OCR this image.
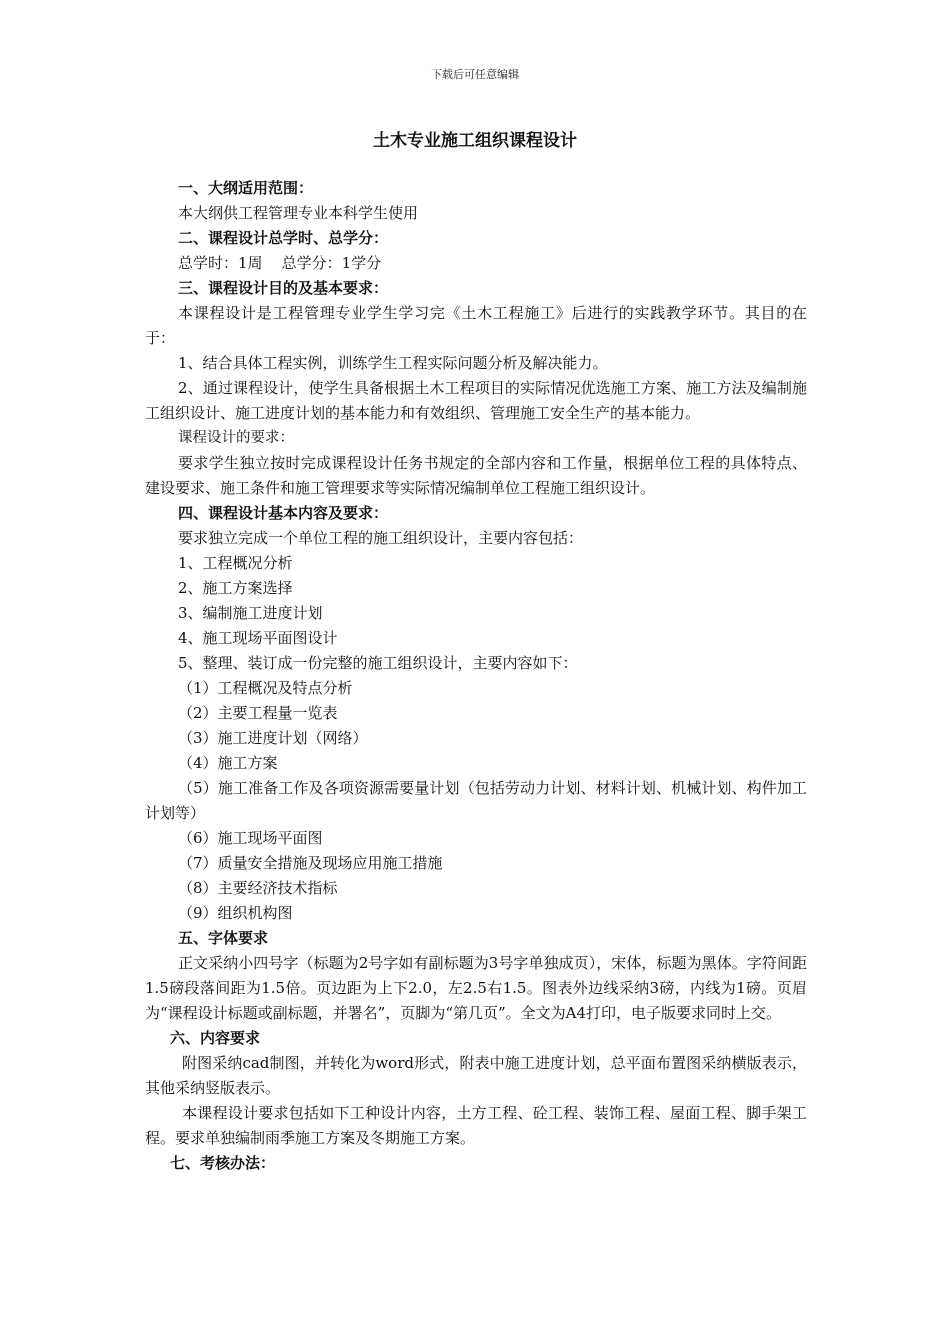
下载后可任意编辑
土木专业施工组织课程设计

一、大纲适用范围：

本大纲供工程管理专业本科学生使用

二、课程设计总学时、总学分：

总学时：1周    总学分：1学分

三、课程设计目的及基本要求：

本课程设计是工程管理专业学生学习完《土木工程施工》后进行的实践教学环节。其目的在于：

1、结合具体工程实例，训练学生工程实际问题分析及解决能力。

2、通过课程设计，使学生具备根据土木工程项目的实际情况优选施工方案、施工方法及编制施工组织设计、施工进度计划的基本能力和有效组织、管理施工安全生产的基本能力。

课程设计的要求：

要求学生独立按时完成课程设计任务书规定的全部内容和工作量，根据单位工程的具体特点、建设要求、施工条件和施工管理要求等实际情况编制单位工程施工组织设计。

四、课程设计基本内容及要求：

要求独立完成一个单位工程的施工组织设计，主要内容包括：

1、工程概况分析

2、施工方案选择

3、编制施工进度计划

4、施工现场平面图设计

5、整理、装订成一份完整的施工组织设计，主要内容如下：

（1）工程概况及特点分析

（2）主要工程量一览表

（3）施工进度计划（网络）

（4）施工方案

（5）施工准备工作及各项资源需要量计划（包括劳动力计划、材料计划、机械计划、构件加工计划等）

（6）施工现场平面图

（7）质量安全措施及现场应用施工措施

（8）主要经济技术指标

（9）组织机构图

五、字体要求

正文采纳小四号字（标题为2号字如有副标题为3号字单独成页），宋体，标题为黑体。字符间距1.5磅段落间距为1.5倍。页边距为上下2.0，左2.5右1.5。图表外边线采纳3磅，内线为1磅。页眉为“课程设计标题或副标题，并署名”，页脚为“第几页”。全文为A4打印，电子版要求同时上交。

六、内容要求

附图采纳cad制图，并转化为word形式，附表中施工进度计划，总平面布置图采纳横版表示，其他采纳竖版表示。

本课程设计要求包括如下工种设计内容，土方工程、砼工程、装饰工程、屋面工程、脚手架工程。要求单独编制雨季施工方案及冬期施工方案。

七、考核办法：
